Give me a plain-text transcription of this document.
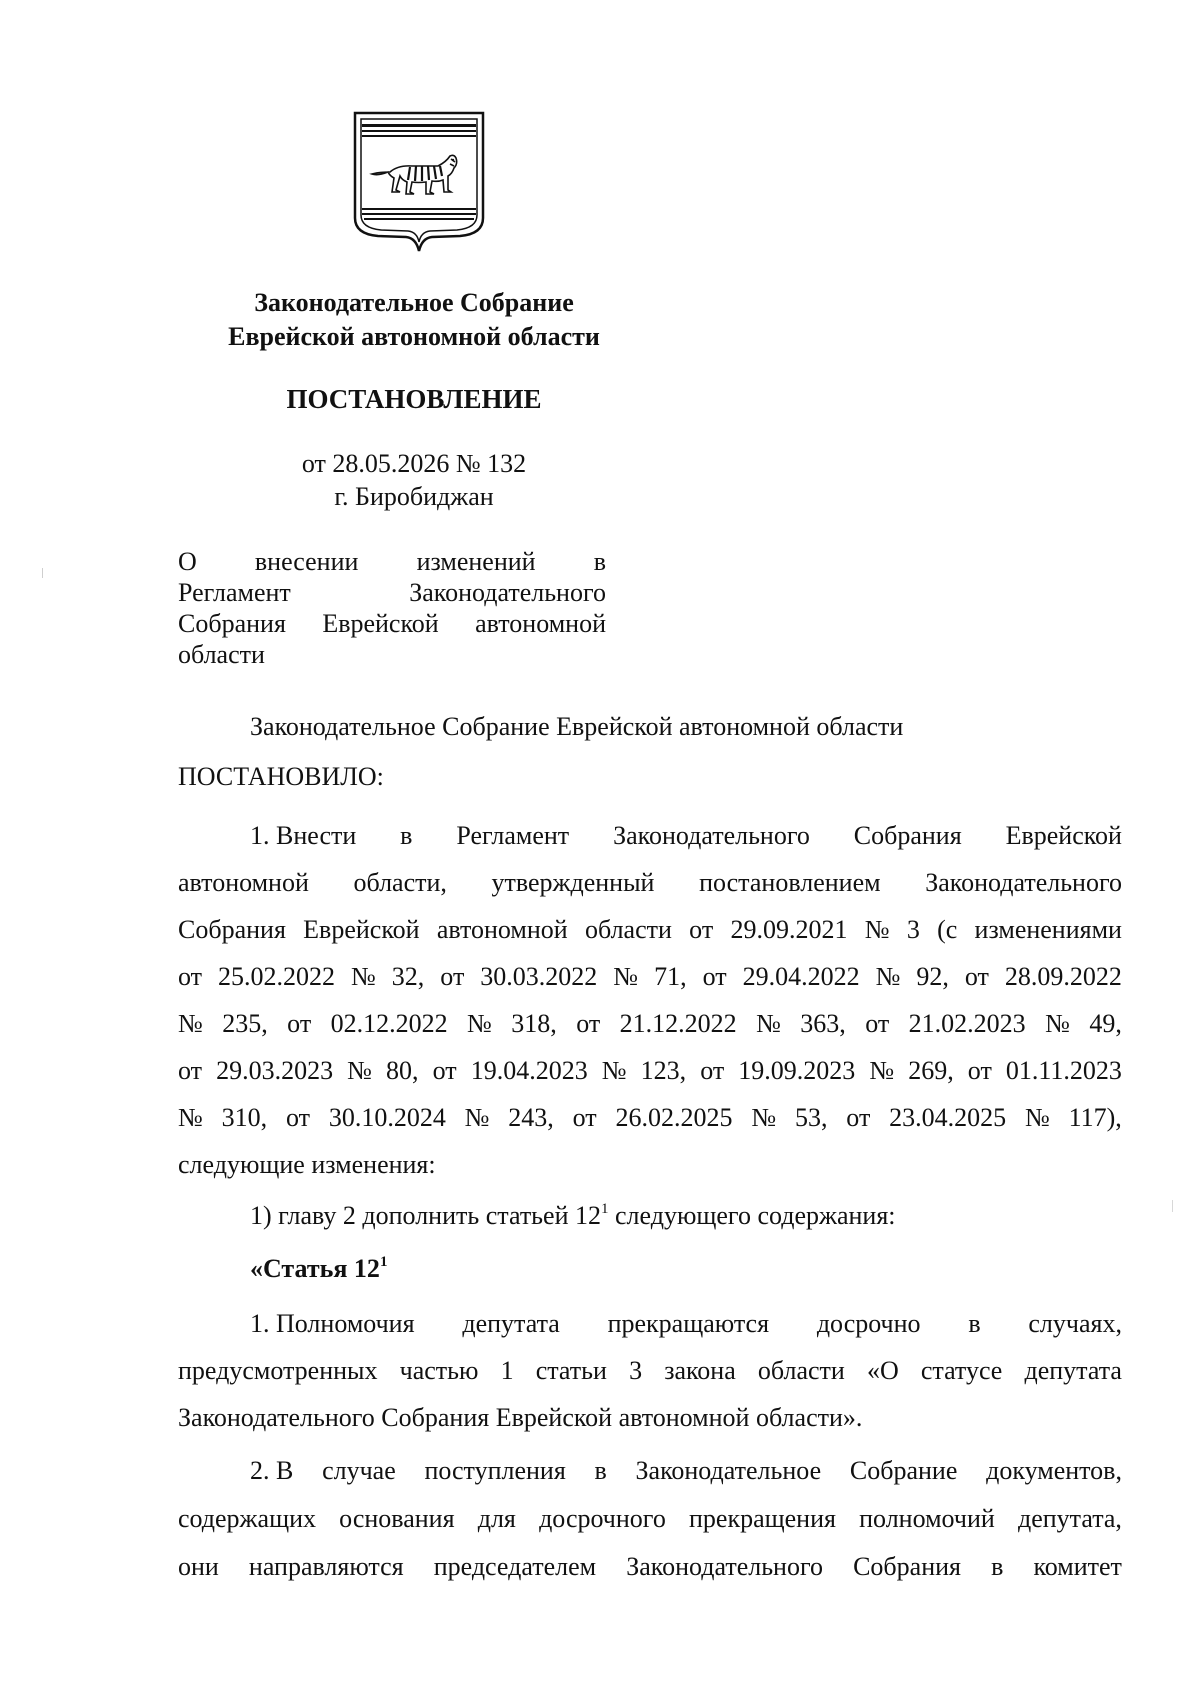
Законодательное Собрание
Еврейской автономной области
ПОСТАНОВЛЕНИЕ
от 28.05.2026 № 132
г. Биробиджан
О внесении изменений в
Регламент	Законодательного
Собрания Еврейской автономной
области
Законодательное Собрание Еврейской автономной области
ПОСТАНОВИЛО:
1. Внести в Регламент Законодательного Собрания Еврейской
автономной области, утвержденный постановлением Законодательного
Собрания Еврейской автономной области от 29.09.2021 № 3 (с изменениями
от 25.02.2022 № 32, от 30.03.2022 № 71, от 29.04.2022 № 92, от 28.09.2022
№ 235, от 02.12.2022 № 318, от 21.12.2022 № 363, от 21.02.2023 № 49,
от 29.03.2023 № 80, от 19.04.2023 № 123, от 19.09.2023 № 269, от 01.11.2023
№ 310, от 30.10.2024 № 243, от 26.02.2025 № 53, от 23.04.2025 № 117),
следующие изменения:
1) главу 2 дополнить статьей $12^1$ следующего содержания:
«Статья $12^1$
1. Полномочия депутата прекращаются досрочно в случаях,
предусмотренных частью 1 статьи 3 закона области «О статусе депутата
Законодательного Собрания Еврейской автономной области».
2. В случае поступления в Законодательное Собрание документов,
содержащих основания для досрочного прекращения полномочий депутата,
они направляются председателем Законодательного Собрания в комитет
